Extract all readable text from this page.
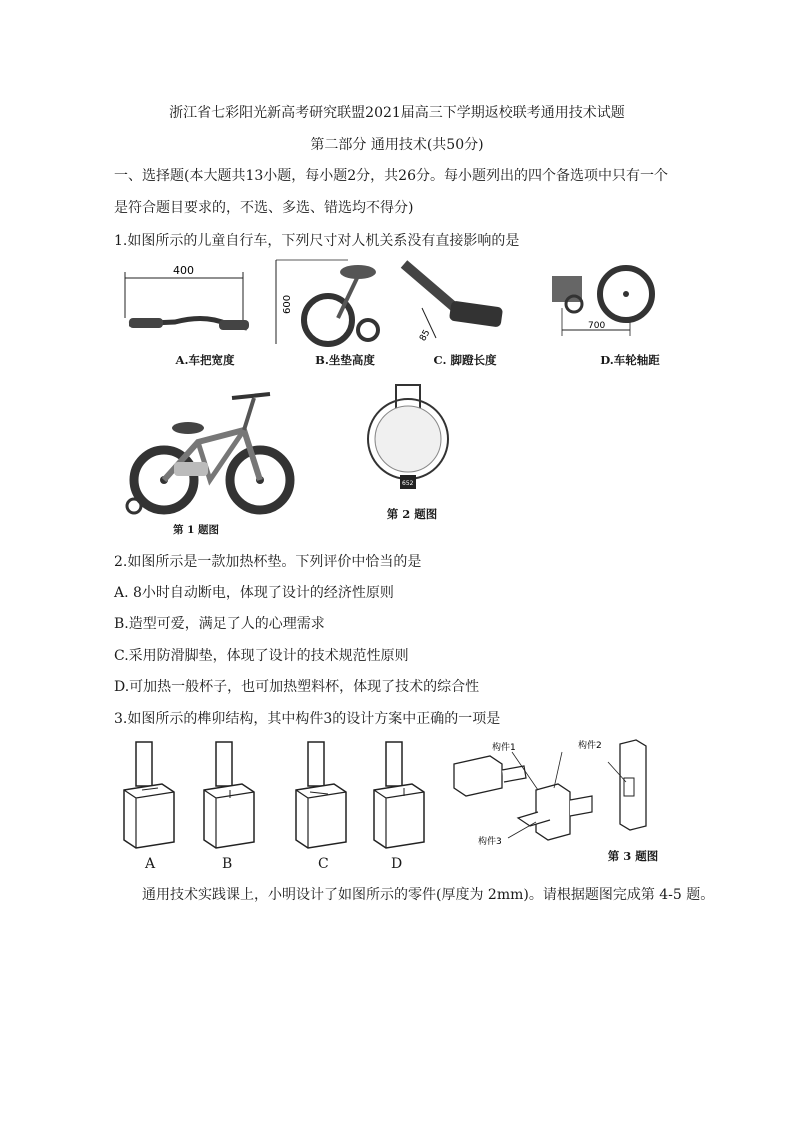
浙江省七彩阳光新高考研究联盟2021届高三下学期返校联考通用技术试题
第二部分 通用技术(共50分)
一、选择题(本大题共13小题，每小题2分，共26分。每小题列出的四个备选项中只有一个
是符合题目要求的，不选、多选、错选均不得分)
1.如图所示的儿童自行车，下列尺寸对人机关系没有直接影响的是
400
600
85
700
A.车把宽度	B.坐垫高度	C. 脚蹬长度	D.车轮轴距
第 1 题图
652
第 2 题图
2.如图所示是一款加热杯垫。下列评价中恰当的是
A. 8小时自动断电，体现了设计的经济性原则
B.造型可爱，满足了人的心理需求
C.采用防滑脚垫，体现了设计的技术规范性原则
D.可加热一般杯子，也可加热塑料杯，体现了技术的综合性
3.如图所示的榫卯结构，其中构件3的设计方案中正确的一项是
A	B	C	D
构件1	构件2
构件3
第 3 题图
通用技术实践课上，小明设计了如图所示的零件(厚度为 2mm)。请根据题图完成第 4-5 题。
